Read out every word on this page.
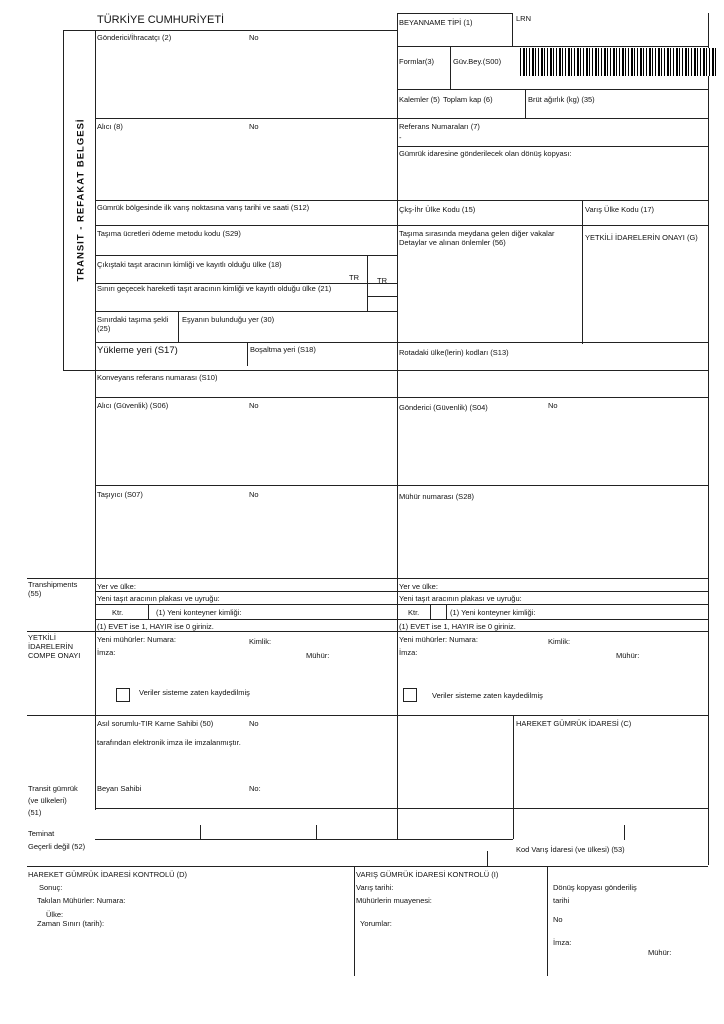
TRANSIT - REFAKAT BELGESİ
TÜRKİYE CUMHURİYETİ	BEYANNAME TİPİ (1)	LRN
Gönderici/İhracatçı (2)	No
Formlar(3)	Güv.Bey.(S00)
Kalemler (5) Toplam kap (6)	Brüt ağırlık (kg) (35)
Alıcı (8)	No	Referans Numaraları (7)
-
Gümrük idaresine gönderilecek olan dönüş kopyası:
Gümrük bölgesinde ilk varış noktasına varış tarihi ve saati (S12)	Çkş-İhr Ülke Kodu (15)	Varış Ülke Kodu (17)
Taşıma ücretleri ödeme metodu kodu (S29)	Taşıma sırasında meydana gelen diğer vakalar Detaylar ve alınan önlemler (56)
YETKİLİ İDARELERİN ONAYI (G)
Çıkıştaki taşıt aracının kimliği ve kayıtlı olduğu ülke (18)
TR TR
Sınırı geçecek hareketli taşıt aracının kimliği ve kayıtlı olduğu ülke (21)
Sınırdaki taşıma şekli (25)
Eşyanın bulunduğu yer (30)
Yükleme yeri (S17)	Boşaltma yeri (S18)	Rotadaki ülke(lerin) kodları (S13)
Konveyans referans numarası (S10)
Alıcı (Güvenlik) (S06)	No	Gönderici (Güvenlik) (S04)	No
Taşıyıcı (S07)	No	Mühür numarası (S28)
Transhipments (55)
Yer ve ülke:	Yer ve ülke:
Yeni taşıt aracının plakası ve uyruğu:	Yeni taşıt aracının plakası ve uyruğu:
Ktr.	(1) Yeni konteyner kimliği:	Ktr.	(1) Yeni konteyner kimliği:
(1) EVET ise 1, HAYIR ise 0 giriniz.	(1) EVET ise 1, HAYIR ise 0 giriniz.
YETKİLİ İDARELERİN COMPE ONAYI
Yeni mühürler: Numara:	Kimlik:
İmza:	Mühür:
Yeni mühürler: Numara:	Kimlik:
İmza:	Mühür:
Veriler sisteme zaten kaydedilmiş	Veriler sisteme zaten kaydedilmiş
Asıl sorumlu-TIR Karne Sahibi (50)	No	HAREKET GÜMRÜK İDARESİ (C)
tarafından elektronik imza ile imzalanmıştır.
Transit gümrük (ve ülkeleri) (51)
Beyan Sahibi	No:
Teminat
Geçerli değil (52)	Kod Varış İdaresi (ve ülkesi) (53)
HAREKET GÜMRÜK İDARESİ KONTROLÜ (D)
Sonuç:
Takılan Mühürler: Numara:
Ülke:
Zaman Sınırı (tarih):
VARIŞ GÜMRÜK İDARESİ KONTROLÜ (I)
Varış tarihi:
Mühürlerin muayenesi:
Yorumlar:
Dönüş kopyası gönderiliş
tarihi
No
İmza:
Mühür:
